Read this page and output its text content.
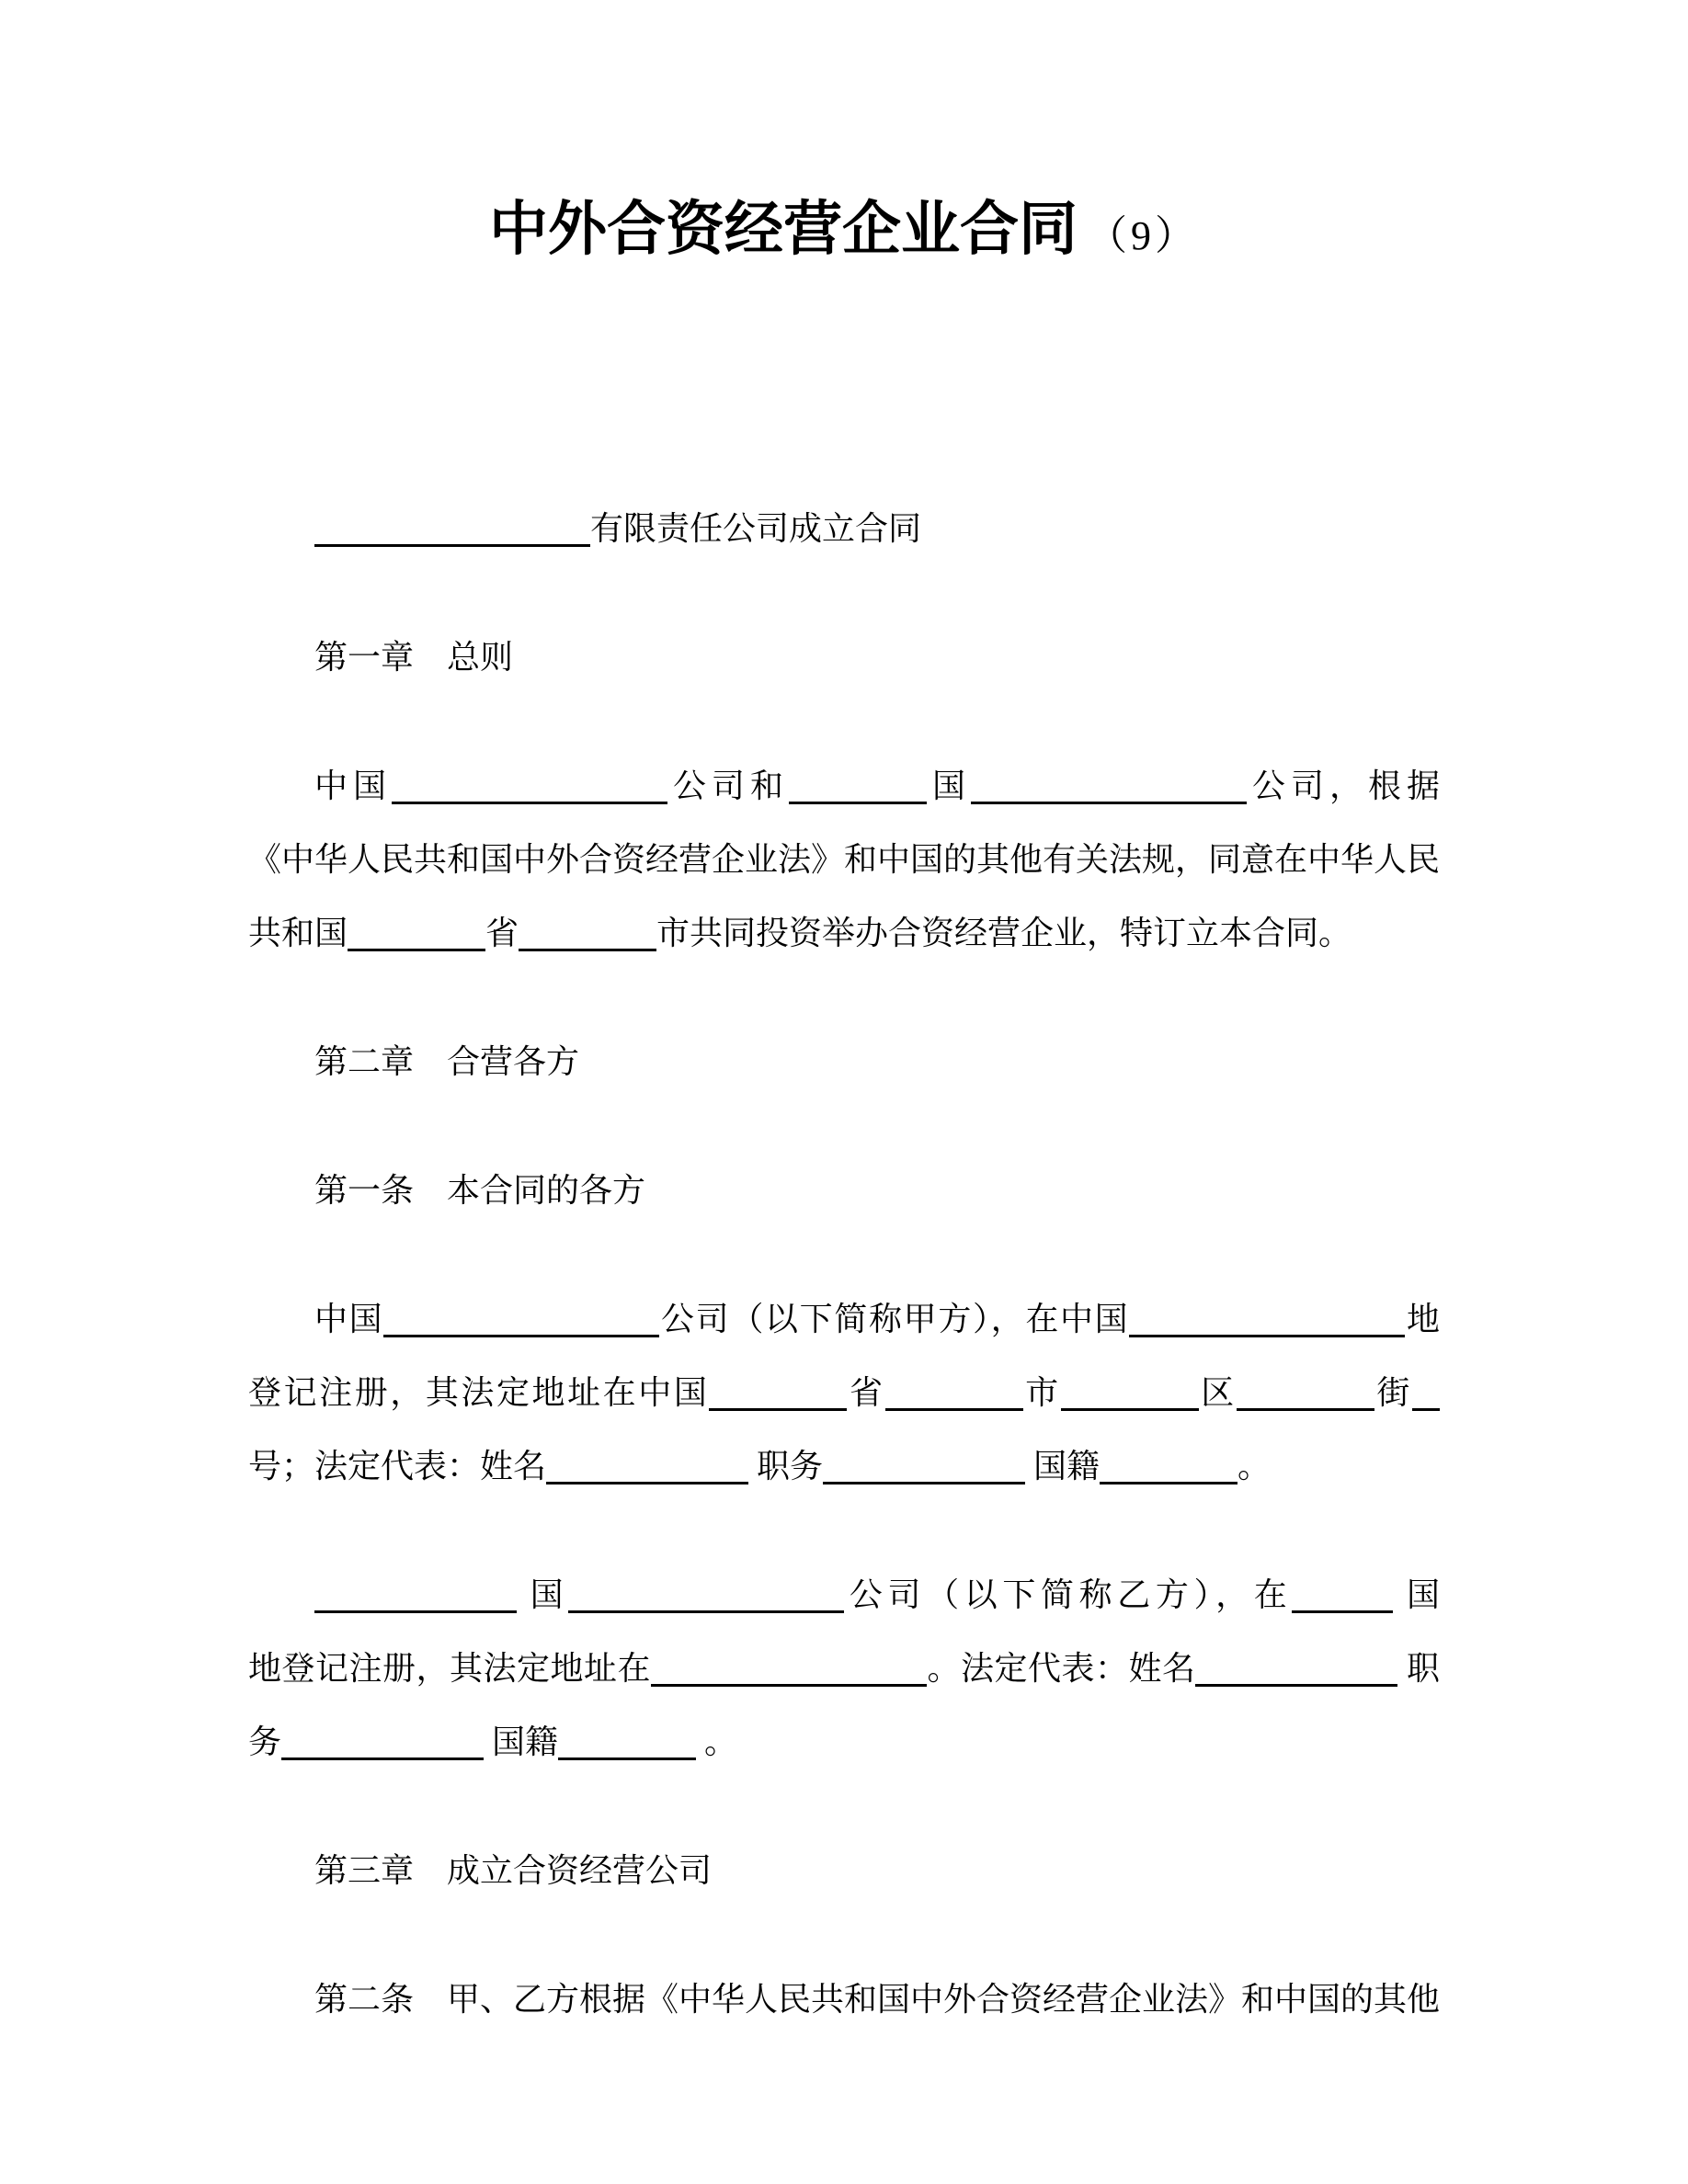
中外合资经营企业合同 （9）
有限责任公司成立合同
第一章　总则
中国	公司和	国	公司，根据
《中华人民共和国中外合资经营企业法》和中国的其他有关法规，同意在中华人民
共和国	省	市共同投资举办合资经营企业，特订立本合同。
第二章　合营各方
第一条　本合同的各方
中国	公司（以下简称甲方），在中国	地
登记注册，其法定地址在中国	省	市	区	街
号；法定代表：姓名	职务	国籍	。
国	公司（以下简称乙方），在	国
地登记注册，其法定地址在	。法定代表：姓名	职
务	国籍	。
第三章　成立合资经营公司
第二条　甲、乙方根据《中华人民共和国中外合资经营企业法》和中国的其他
